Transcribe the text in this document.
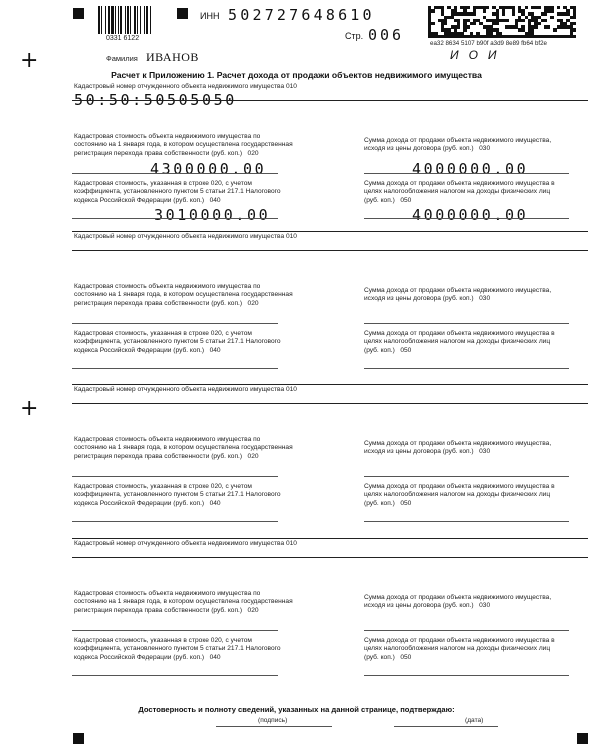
+
+
0331 6122
ИНН 502727648610
Стр. 006	ea32 8634 5107 b90f a3d9 8e89 fb64 bf2e
И   О   И
Фамилия ИВАНОВ
Расчет к Приложению 1. Расчет дохода от продажи объектов недвижимого имущества
Кадастровый номер отчужденного объекта недвижимого имущества 010
50:50:50505050
Кадастровая стоимость объекта недвижимого имущества по
состоянию на 1 января года, в котором осуществлена государственная
регистрация перехода права собственности (руб. коп.)   020
Сумма дохода от продажи объекта недвижимого имущества,
исходя из цены договора (руб. коп.)   030
4300000.00	4000000.00
Кадастровая стоимость, указанная в строке 020, с учетом
коэффициента, установленного пунктом 5 статьи 217.1 Налогового
кодекса Российской Федерации (руб. коп.)   040
Сумма дохода от продажи объекта недвижимого имущества в
целях налогообложения налогом на доходы физических лиц
(руб. коп.)   050
3010000.00	4000000.00
Кадастровый номер отчужденного объекта недвижимого имущества 010
Кадастровая стоимость объекта недвижимого имущества по
состоянию на 1 января года, в котором осуществлена государственная
регистрация перехода права собственности (руб. коп.)   020
Сумма дохода от продажи объекта недвижимого имущества,
исходя из цены договора (руб. коп.)   030
Кадастровая стоимость, указанная в строке 020, с учетом
коэффициента, установленного пунктом 5 статьи 217.1 Налогового
кодекса Российской Федерации (руб. коп.)   040
Сумма дохода от продажи объекта недвижимого имущества в
целях налогообложения налогом на доходы физических лиц
(руб. коп.)   050
Кадастровый номер отчужденного объекта недвижимого имущества 010
Кадастровая стоимость объекта недвижимого имущества по
состоянию на 1 января года, в котором осуществлена государственная
регистрация перехода права собственности (руб. коп.)   020
Сумма дохода от продажи объекта недвижимого имущества,
исходя из цены договора (руб. коп.)   030
Кадастровая стоимость, указанная в строке 020, с учетом
коэффициента, установленного пунктом 5 статьи 217.1 Налогового
кодекса Российской Федерации (руб. коп.)   040
Сумма дохода от продажи объекта недвижимого имущества в
целях налогообложения налогом на доходы физических лиц
(руб. коп.)   050
Кадастровый номер отчужденного объекта недвижимого имущества 010
Кадастровая стоимость объекта недвижимого имущества по
состоянию на 1 января года, в котором осуществлена государственная
регистрация перехода права собственности (руб. коп.)   020
Сумма дохода от продажи объекта недвижимого имущества,
исходя из цены договора (руб. коп.)   030
Кадастровая стоимость, указанная в строке 020, с учетом
коэффициента, установленного пунктом 5 статьи 217.1 Налогового
кодекса Российской Федерации (руб. коп.)   040
Сумма дохода от продажи объекта недвижимого имущества в
целях налогообложения налогом на доходы физических лиц
(руб. коп.)   050
Достоверность и полноту сведений, указанных на данной странице, подтверждаю:
(подпись)	(дата)
